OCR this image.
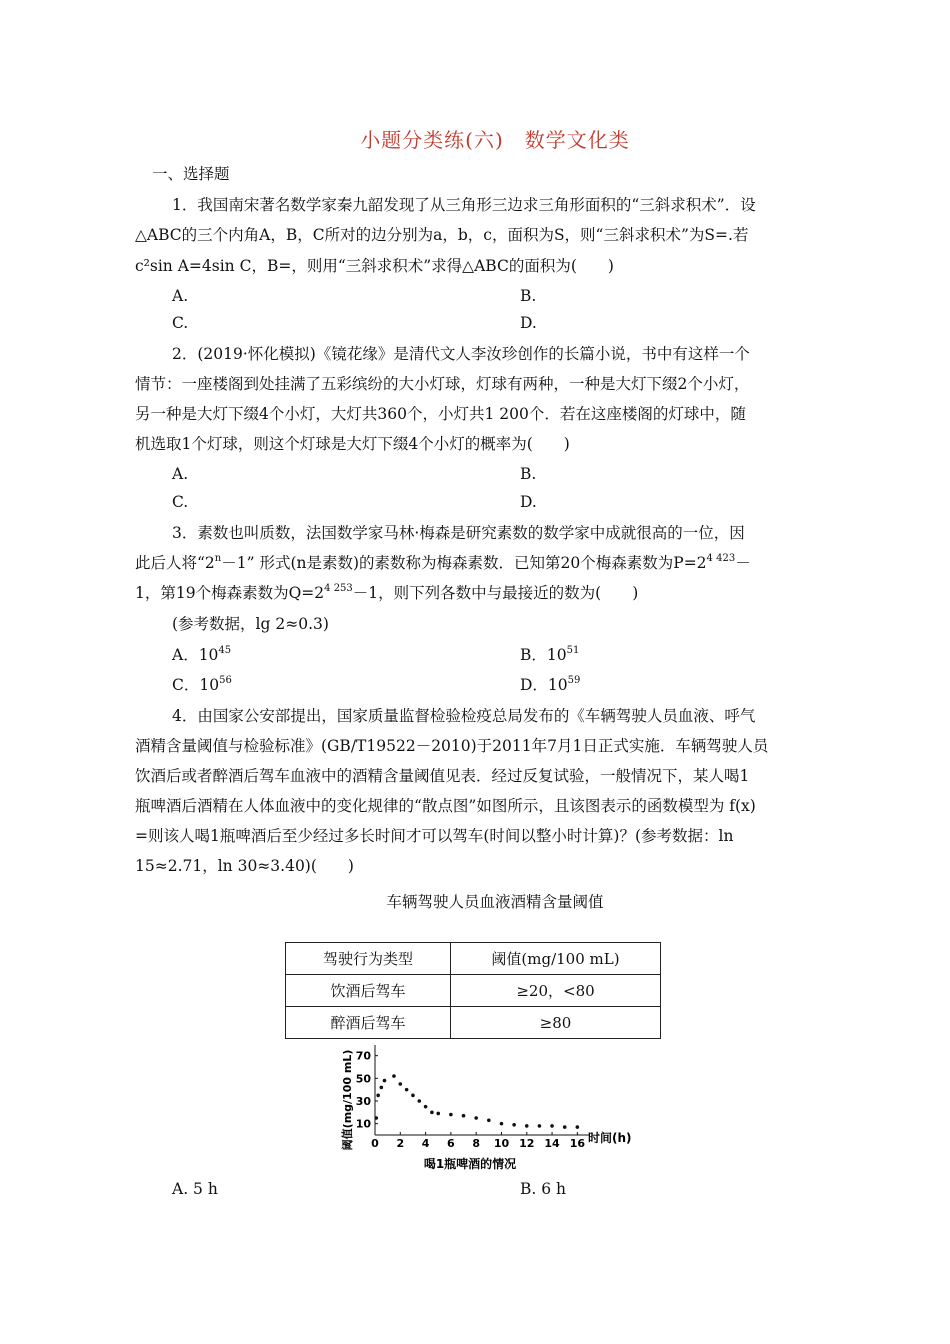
小题分类练(六)　数学文化类
一、选择题
1．我国南宋著名数学家秦九韶发现了从三角形三边求三角形面积的“三斜求积术”．设
△ABC的三个内角A，B，C所对的边分别为a，b，c，面积为S，则“三斜求积术”为S=.若
c²sin A=4sin C，B=，则用“三斜求积术”求得△ABC的面积为(　　)
A.	B.
C.	D.
2．(2019·怀化模拟)《镜花缘》是清代文人李汝珍创作的长篇小说，书中有这样一个
情节：一座楼阁到处挂满了五彩缤纷的大小灯球，灯球有两种，一种是大灯下缀2个小灯，
另一种是大灯下缀4个小灯，大灯共360个，小灯共1 200个．若在这座楼阁的灯球中，随
机选取1个灯球，则这个灯球是大灯下缀4个小灯的概率为(　　)
A.	B.
C.	D.
3．素数也叫质数，法国数学家马林·梅森是研究素数的数学家中成就很高的一位，因
此后人将“$2^n-1$” 形式(n是素数)的素数称为梅森素数．已知第20个梅森素数为$P=2^{4 423}-$
1，第19个梅森素数为$Q=2^{4 253}-1$，则下列各数中与最接近的数为(　　)
(参考数据，lg 2≈0.3)
A．$10^{45}$	B．$10^{51}$
C．$10^{56}$	D．$10^{59}$
4．由国家公安部提出，国家质量监督检验检疫总局发布的《车辆驾驶人员血液、呼气
酒精含量阈值与检验标准》(GB/T19522－2010)于2011年7月1日正式实施．车辆驾驶人员
饮酒后或者醉酒后驾车血液中的酒精含量阈值见表．经过反复试验，一般情况下，某人喝1
瓶啤酒后酒精在人体血液中的变化规律的“散点图”如图所示，且该图表示的函数模型为 f(x)
=则该人喝1瓶啤酒后至少经过多长时间才可以驾车(时间以整小时计算)？(参考数据：ln
15≈2.71，ln 30≈3.40)(　　)
车辆驾驶人员血液酒精含量阈值
驾驶行为类型	阈值(mg/100 mL)
饮酒后驾车	≥20，<80
醉酒后驾车	≥80
0 2 4 6 8 10 12 14 16
10
30
50
70
阈值(mg/100 mL)	时间(h)
喝1瓶啤酒的情况
A. 5 h	B. 6 h
